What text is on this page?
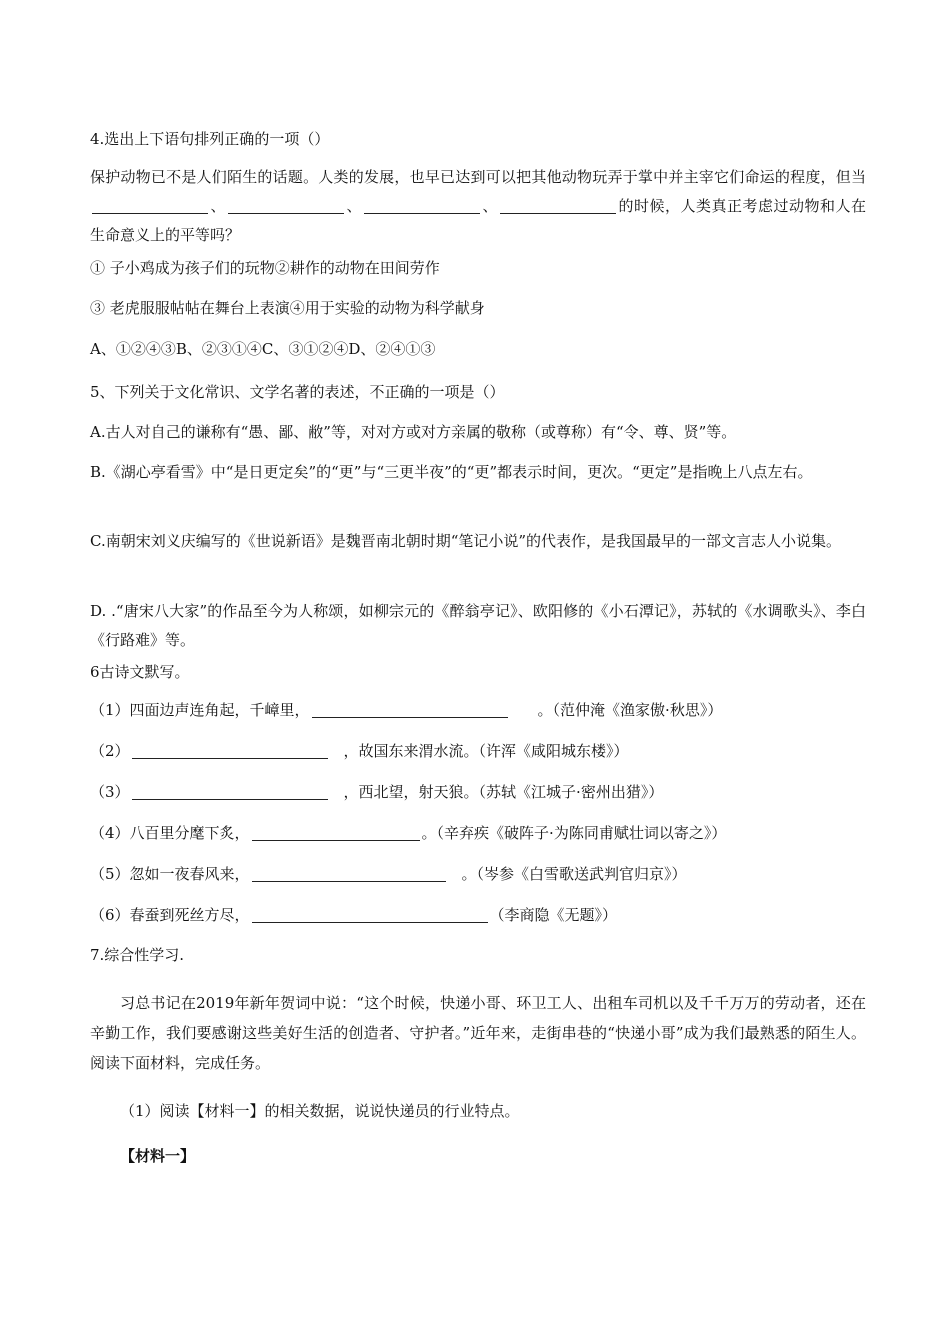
4.选出上下语句排列正确的一项（）
保护动物已不是人们陌生的话题。人类的发展，也早已达到可以把其他动物玩弄于掌中并主宰它们命运的程度，但当、	、	、	的时候，人类真正考虑过动物和人在生命意义上的平等吗？
① 子小鸡成为孩子们的玩物②耕作的动物在田间劳作
③ 老虎服服帖帖在舞台上表演④用于实验的动物为科学献身
A、①②④③B、②③①④C、③①②④D、②④①③
5、下列关于文化常识、文学名著的表述，不正确的一项是（）
A.古人对自己的谦称有“愚、鄙、敝”等，对对方或对方亲属的敬称（或尊称）有“令、尊、贤”等。
B.《湖心亭看雪》中“是日更定矣”的“更”与“三更半夜”的“更”都表示时间，更次。“更定”是指晚上八点左右。
C.南朝宋刘义庆编写的《世说新语》是魏晋南北朝时期“笔记小说”的代表作，是我国最早的一部文言志人小说集。
D. .“唐宋八大家”的作品至今为人称颂，如柳宗元的《醉翁亭记》、欧阳修的《小石潭记》，苏轼的《水调歌头》、李白《行路难》等。
6古诗文默写。
（1）四面边声连角起，千嶂里，	。（范仲淹《渔家傲·秋思》）
（2）	，故国东来渭水流。（许浑《咸阳城东楼》）
（3）	，西北望，射天狼。（苏轼《江城子·密州出猎》）
（4）八百里分麾下炙，	。（辛弃疾《破阵子·为陈同甫赋壮词以寄之》）
（5）忽如一夜春风来，	。（岑参《白雪歌送武判官归京》）
（6）春蚕到死丝方尽，	（李商隐《无题》）
7.综合性学习.
习总书记在2019年新年贺词中说：“这个时候，快递小哥、环卫工人、出租车司机以及千千万万的劳动者，还在辛勤工作，我们要感谢这些美好生活的创造者、守护者。”近年来，走街串巷的“快递小哥”成为我们最熟悉的陌生人。阅读下面材料，完成任务。
（1）阅读【材料一】的相关数据，说说快递员的行业特点。
【材料一】
